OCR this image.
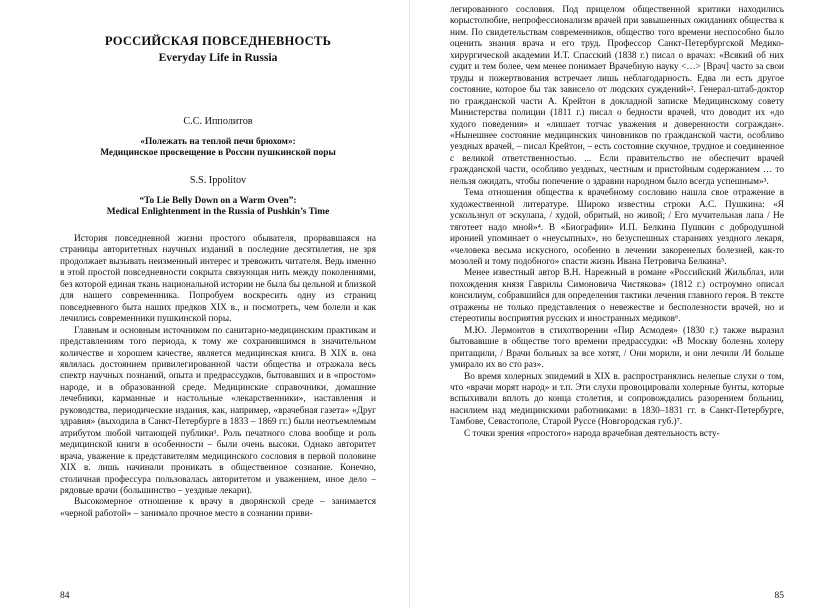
РОССИЙСКАЯ ПОВСЕДНЕВНОСТЬ
Everyday Life in Russia
С.С. Ипполитов
«Полежать на теплой печи брюхом»:
Медицинское просвещение в России пушкинской поры
S.S. Ippolitov
“To Lie Belly Down on a Warm Oven”:
Medical Enlightenment in the Russia of Pushkin’s Time

История повседневной жизни простого обывателя, прорвавшаяся на страницы авторитетных научных изданий в последние десятилетия, не зря продолжает вызывать неизменный интерес и тревожить читателя. Ведь именно в этой простой повседневности сокрыта связующая нить между поколениями, без которой единая ткань национальной истории не была бы цельной и близкой для нашего современника. Попробуем воскресить одну из страниц повседневного быта наших предков XIX в., и посмотреть, чем болели и как лечились современники пушкинской поры.

Главным и основным источником по санитарно-медицинским практикам и представлениям того периода, к тому же сохранившимся в значительном количестве и хорошем качестве, является медицинская книга. В XIX в. она являлась достоянием привилегированной части общества и отражала весь спектр научных познаний, опыта и предрассудков, бытовавших и в «простом» народе, и в образованной среде. Медицинские справочники, домашние лечебники, карманные и настольные «лекарственники», наставления и руководства, периодические издания, как, например, «врачебная газета» «Друг здравия» (выходила в Санкт-Петербурге в 1833 – 1869 гг.) были неотъемлемым атрибутом любой читающей публики¹. Роль печатного слова вообще и роль медицинской книги в особенности – были очень высоки. Однако авторитет врача, уважение к представителям медицинского сословия в первой половине XIX в. лишь начинали проникать в общественное сознание. Конечно, столичная профессура пользовалась авторитетом и уважением, иное дело – рядовые врачи (большинство – уездные лекари).

Высокомерное отношение к врачу в дворянской среде – занимается «черной работой» – занимало прочное место в сознании приви-

84

легированного сословия. Под прицелом общественной критики находились корыстолюбие, непрофессионализм врачей при завышенных ожиданиях общества к ним. По свидетельствам современников, общество того времени неспособно было оценить знания врача и его труд. Профессор Санкт-Петербургской Медико-хирургической академии И.Т. Спасский (1838 г.) писал о врачах: «Всякий об них судит и тем более, чем менее понимает Врачебную науку <…> [Врач] часто за свои труды и пожертвования встречает лишь неблагодарность. Едва ли есть другое состояние, которое бы так зависело от людских суждений»². Генерал-штаб-доктор по гражданской части А. Крейтон в докладной записке Медицинскому совету Министерства полиции (1811 г.) писал о бедности врачей, что доводит их «до худого поведения» и «лишает тотчас уважения и доверенности сограждан». «Нынешнее состояние медицинских чиновников по гражданской части, особливо уездных врачей, – писал Крейтон, – есть состояние скучное, трудное и соединенное с великой ответственностью. ... Если правительство не обеспечит врачей гражданской части, особливо уездных, честным и пристойным содержанием … то нельзя ожидать, чтобы попечение о здравии народном было всегда успешным»³.

Тема отношения общества к врачебному сословию нашла свое отражение в художественной литературе. Широко известны строки А.С. Пушкина: «Я ускользнул от эскулапа, / худой, обритый, но живой; / Его мучительная лапа / Не тяготеет надо мной»⁴. В «Биографии» И.П. Белкина Пушкин с добродушной иронией упоминает о «неусыпных», но безуспешных стараниях уездного лекаря, «человека весьма искусного, особенно в лечении закоренелых болезней, как-то мозолей и тому подобного» спасти жизнь Ивана Петровича Белкина⁵.

Менее известный автор В.Н. Нарежный в романе «Российский Жильблаз, или похождения князя Гаврилы Симоновича Чистякова» (1812 г.) остроумно описал консилиум, собравшийся для определения тактики лечения главного героя. В тексте отражены не только представления о невежестве и бесполезности врачей, но и стереотипы восприятия русских и иностранных медиков⁶.

М.Ю. Лермонтов в стихотворении «Пир Асмодея» (1830 г.) также выразил бытовавшие в обществе того времени предрассудки: «В Москву болезнь холеру притащили, / Врачи больных за все хотят, / Они морили, и они лечили /И больше умирало их во сто раз».

Во время холерных эпидемий в XIX в. распространялись нелепые слухи о том, что «врачи морят народ» и т.п. Эти слухи провоцировали холерные бунты, которые вспыхивали вплоть до конца столетия, и сопровождались разорением больниц, насилием над медицинскими работниками: в 1830–1831 гг. в Санкт-Петербурге, Тамбове, Севастополе, Старой Руссе (Новгородская губ.)⁷.

С точки зрения «простого» народа врачебная деятельность всту-

85
